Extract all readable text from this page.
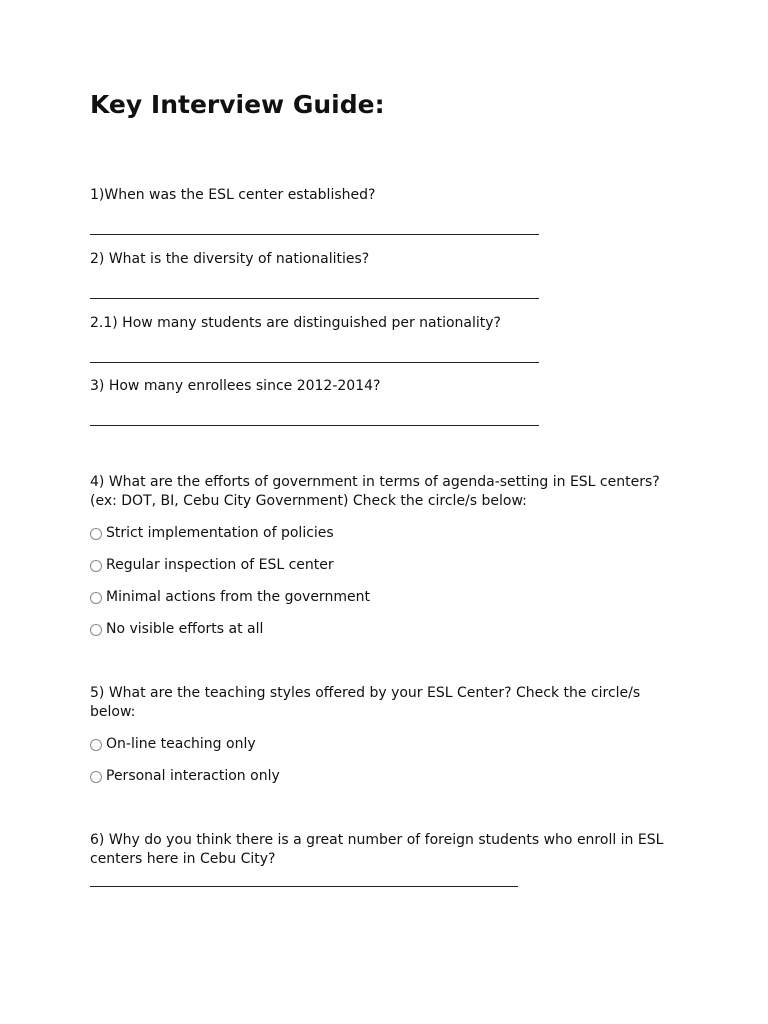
Key Interview Guide:
1)When was the ESL center established?
2) What is the diversity of nationalities?
2.1) How many students are distinguished per nationality?
3) How many enrollees since 2012-2014?
4) What are the efforts of government in terms of agenda-setting in ESL centers? (ex: DOT, BI, Cebu City Government) Check the circle/s below:
Strict implementation of policies
Regular inspection of ESL center
Minimal actions from the government
No visible efforts at all
5) What are the teaching styles offered by your ESL Center? Check the circle/s below:
On-line teaching only
Personal interaction only
6) Why do you think there is a great number of foreign students who enroll in ESL centers here in Cebu City?
